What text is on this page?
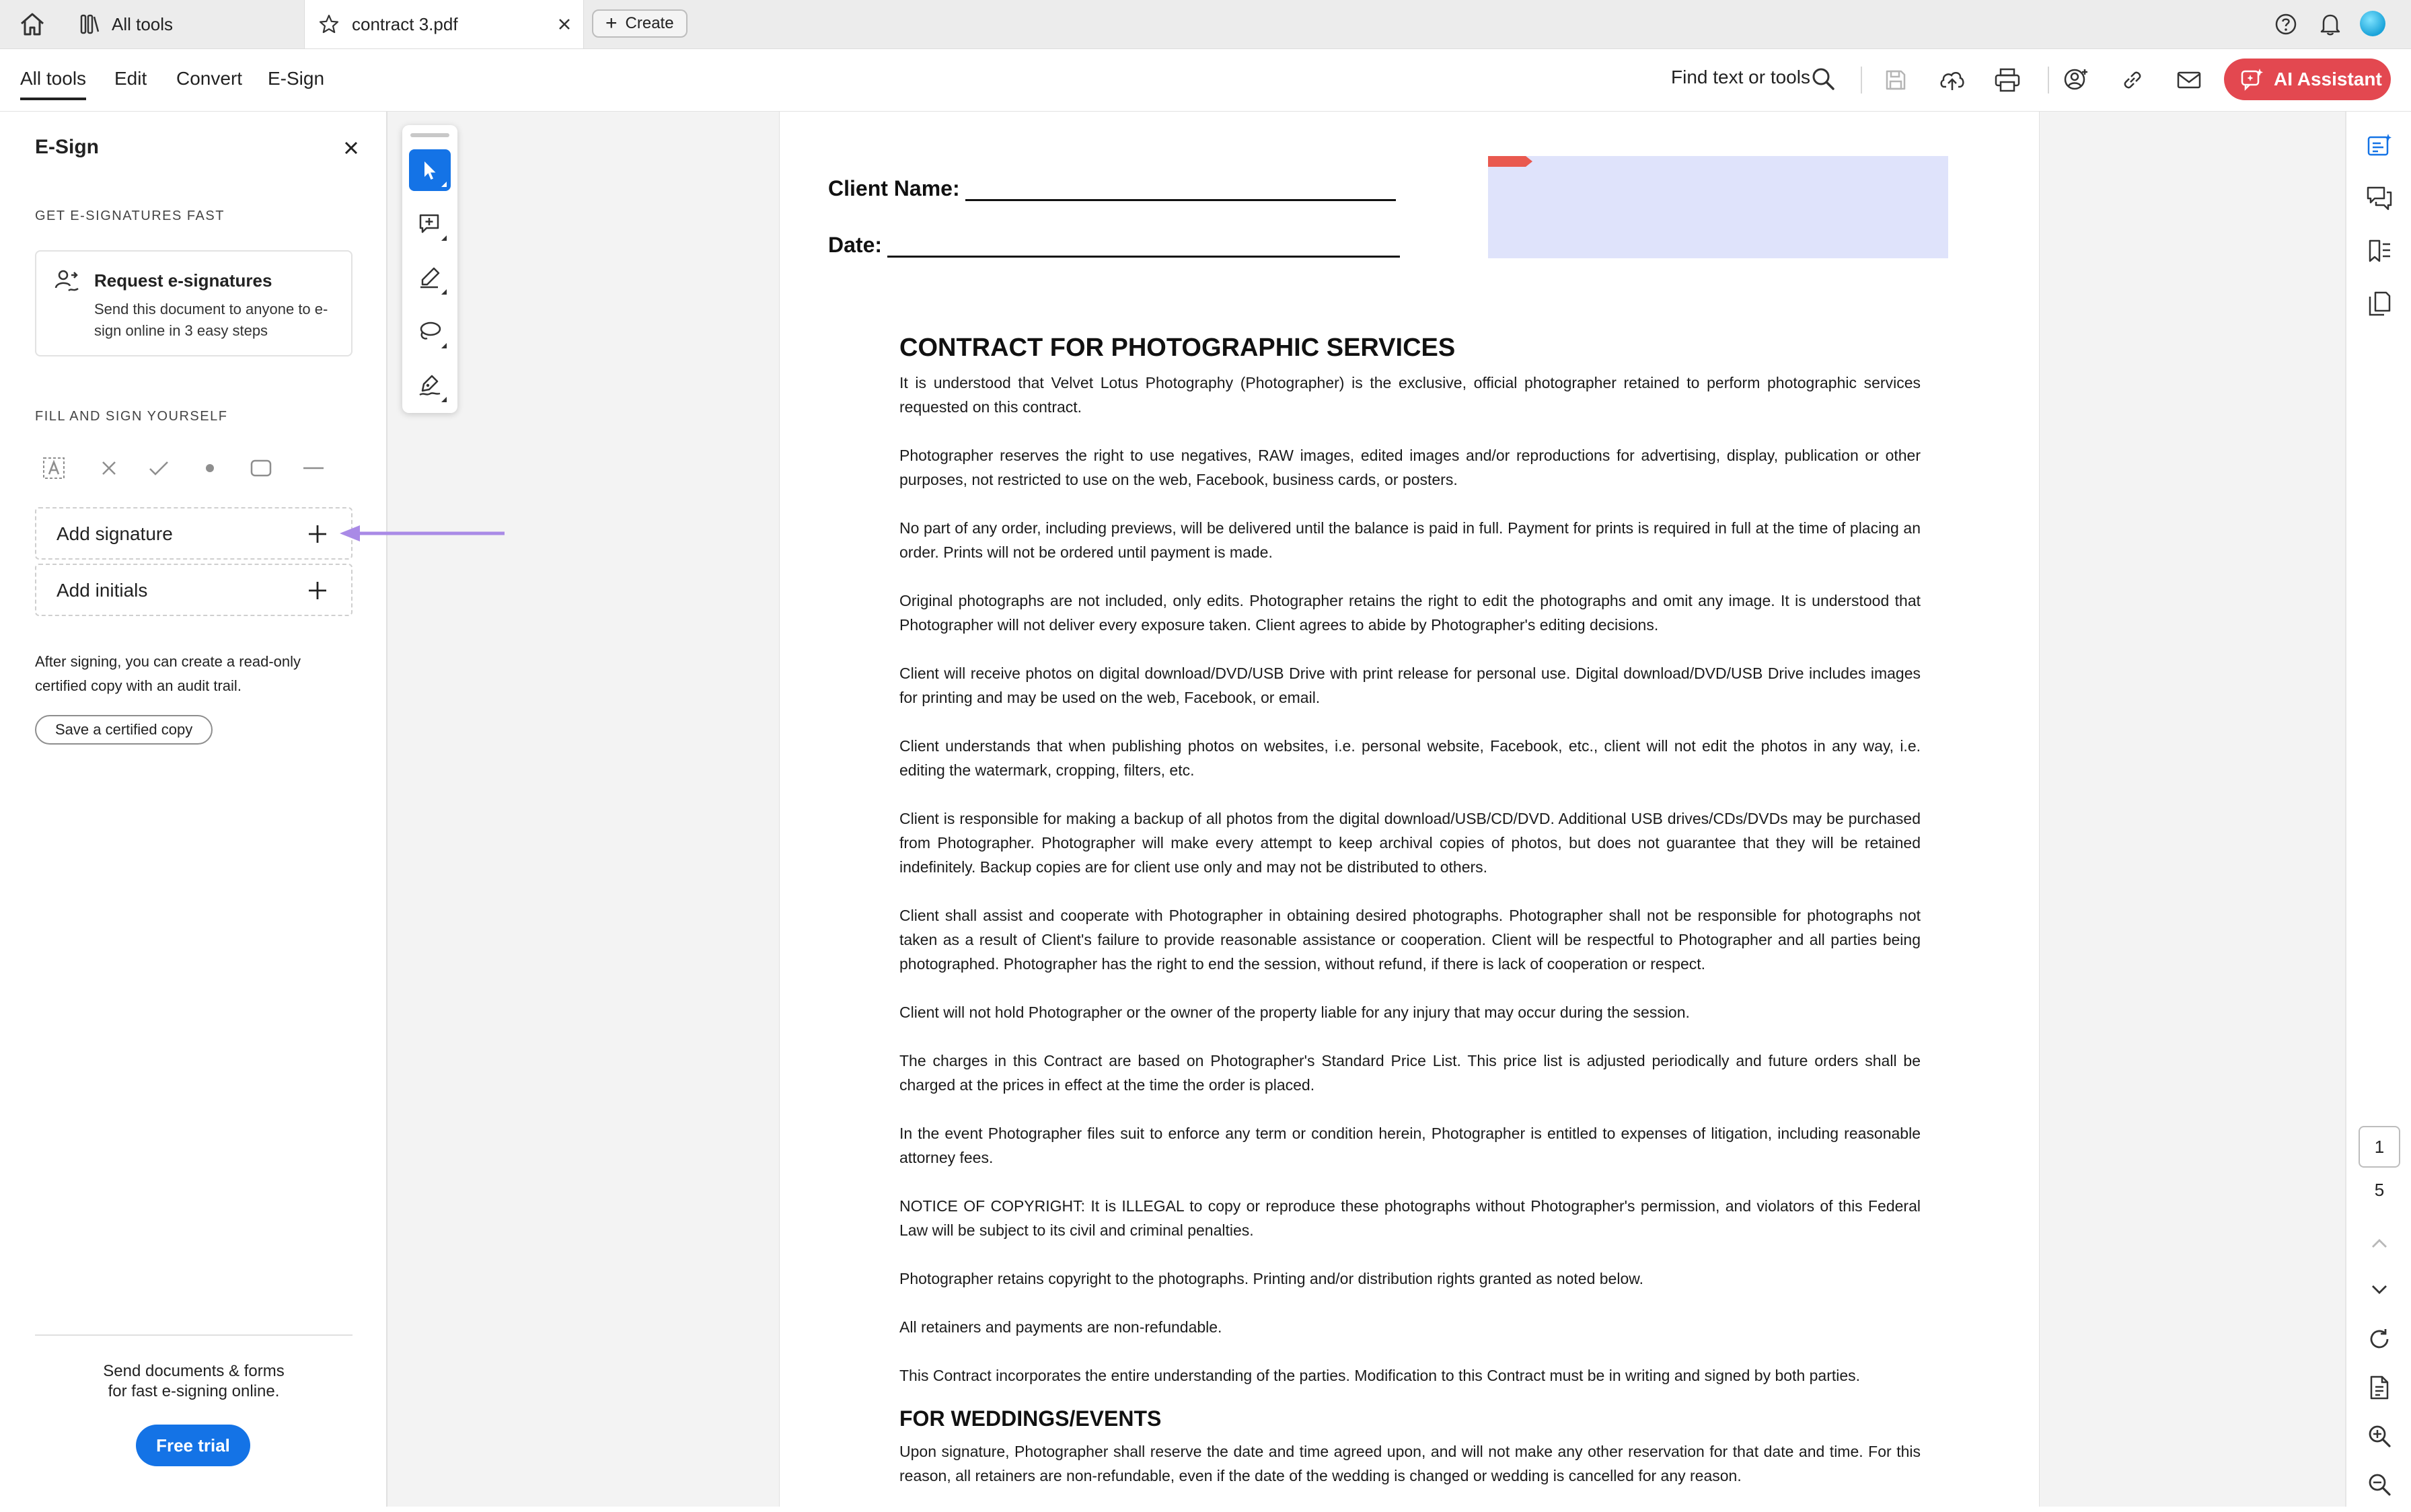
All tools	contract 3.pdf	+ Create
All tools Edit Convert E-Sign	Find text or tools	AI Assistant
Client Name:
Date:
CONTRACT FOR PHOTOGRAPHIC SERVICES

It is understood that Velvet Lotus Photography (Photographer) is the exclusive, official photographer retained to perform photographic services requested on this contract.

Photographer reserves the right to use negatives, RAW images, edited images and/or reproductions for advertising, display, publication or other purposes, not restricted to use on the web, Facebook, business cards, or posters.

No part of any order, including previews, will be delivered until the balance is paid in full. Payment for prints is required in full at the time of placing an order. Prints will not be ordered until payment is made.

Original photographs are not included, only edits. Photographer retains the right to edit the photographs and omit any image. It is understood that Photographer will not deliver every exposure taken. Client agrees to abide by Photographer's editing decisions.

Client will receive photos on digital download/DVD/USB Drive with print release for personal use. Digital download/DVD/USB Drive includes images for printing and may be used on the web, Facebook, or email.

Client understands that when publishing photos on websites, i.e. personal website, Facebook, etc., client will not edit the photos in any way, i.e. editing the watermark, cropping, filters, etc.

Client is responsible for making a backup of all photos from the digital download/USB/CD/DVD. Additional USB drives/CDs/DVDs may be purchased from Photographer. Photographer will make every attempt to keep archival copies of photos, but does not guarantee that they will be retained indefinitely. Backup copies are for client use only and may not be distributed to others.

Client shall assist and cooperate with Photographer in obtaining desired photographs. Photographer shall not be responsible for photographs not taken as a result of Client's failure to provide reasonable assistance or cooperation. Client will be respectful to Photographer and all parties being photographed. Photographer has the right to end the session, without refund, if there is lack of cooperation or respect.

Client will not hold Photographer or the owner of the property liable for any injury that may occur during the session.

The charges in this Contract are based on Photographer's Standard Price List. This price list is adjusted periodically and future orders shall be charged at the prices in effect at the time the order is placed.

In the event Photographer files suit to enforce any term or condition herein, Photographer is entitled to expenses of litigation, including reasonable attorney fees.

NOTICE OF COPYRIGHT: It is ILLEGAL to copy or reproduce these photographs without Photographer's permission, and violators of this Federal Law will be subject to its civil and criminal penalties.

Photographer retains copyright to the photographs. Printing and/or distribution rights granted as noted below.

All retainers and payments are non-refundable.

This Contract incorporates the entire understanding of the parties. Modification to this Contract must be in writing and signed by both parties.

FOR WEDDINGS/EVENTS

Upon signature, Photographer shall reserve the date and time agreed upon, and will not make any other reservation for that date and time. For this reason, all retainers are non-refundable, even if the date of the wedding is changed or wedding is cancelled for any reason.

E-Sign
GET E-SIGNATURES FAST
Request e-signatures
Send this document to anyone to e-sign online in 3 easy steps
FILL AND SIGN YOURSELF
Add signature
Add initials
After signing, you can create a read-only certified copy with an audit trail.
Save a certified copy
Send documents & forms
for fast e-signing online.
Free trial
1
5
